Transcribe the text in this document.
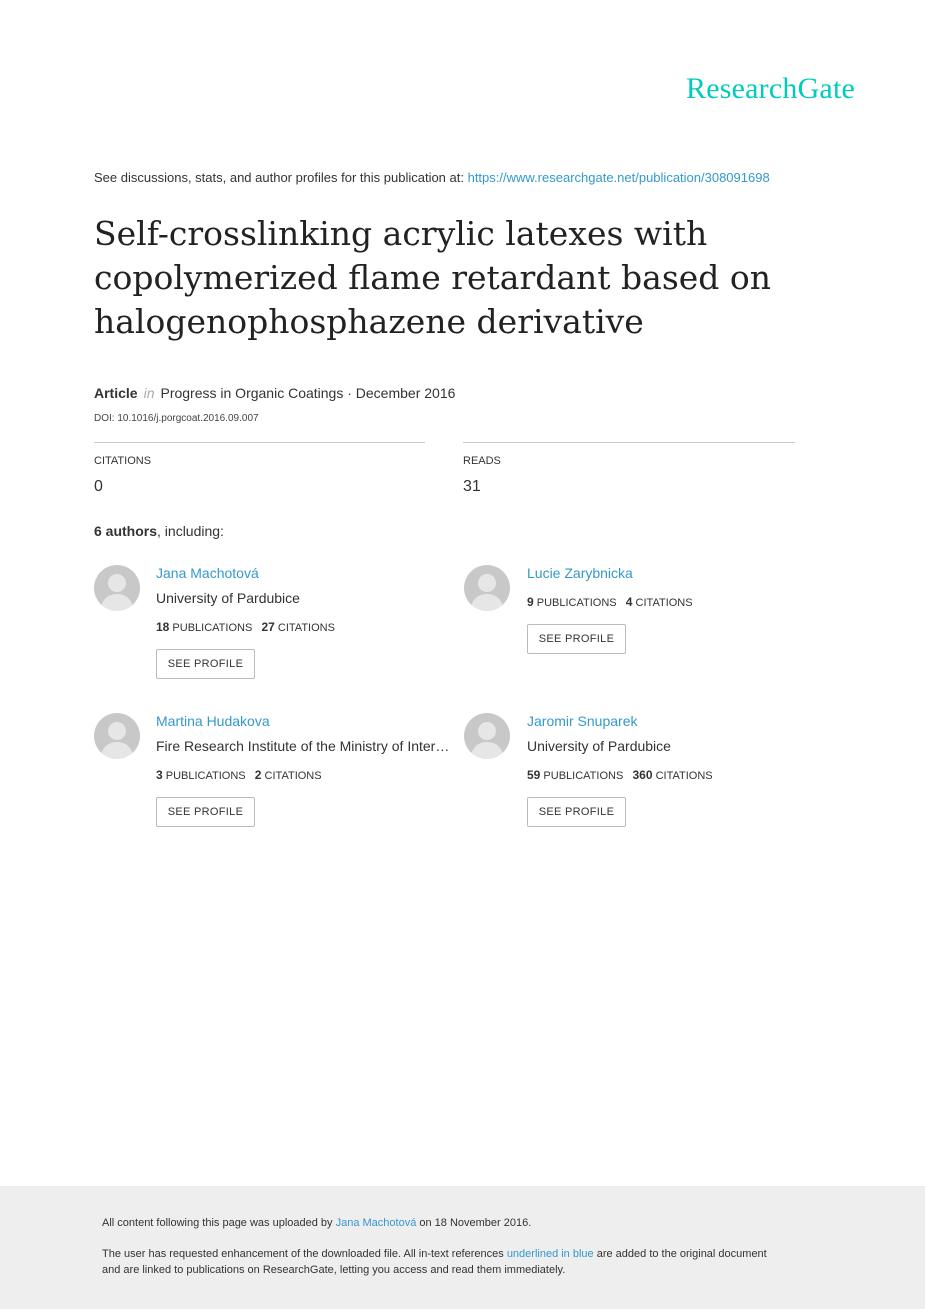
ResearchGate
See discussions, stats, and author profiles for this publication at: https://www.researchgate.net/publication/308091698
Self-crosslinking acrylic latexes with
copolymerized flame retardant based on
halogenophosphazene derivative
Article in Progress in Organic Coatings · December 2016
DOI: 10.1016/j.porgcoat.2016.09.007
CITATIONS
0
READS
31
6 authors, including:
Jana Machotová
University of Pardubice
18 PUBLICATIONS 27 CITATIONS
SEE PROFILE
Lucie Zarybnicka
9 PUBLICATIONS 4 CITATIONS
SEE PROFILE
Martina Hudakova
Fire Research Institute of the Ministry of Inter…
3 PUBLICATIONS 2 CITATIONS
SEE PROFILE
Jaromir Snuparek
University of Pardubice
59 PUBLICATIONS 360 CITATIONS
SEE PROFILE
All content following this page was uploaded by Jana Machotová on 18 November 2016.
The user has requested enhancement of the downloaded file. All in-text references underlined in blue are added to the original document
and are linked to publications on ResearchGate, letting you access and read them immediately.
